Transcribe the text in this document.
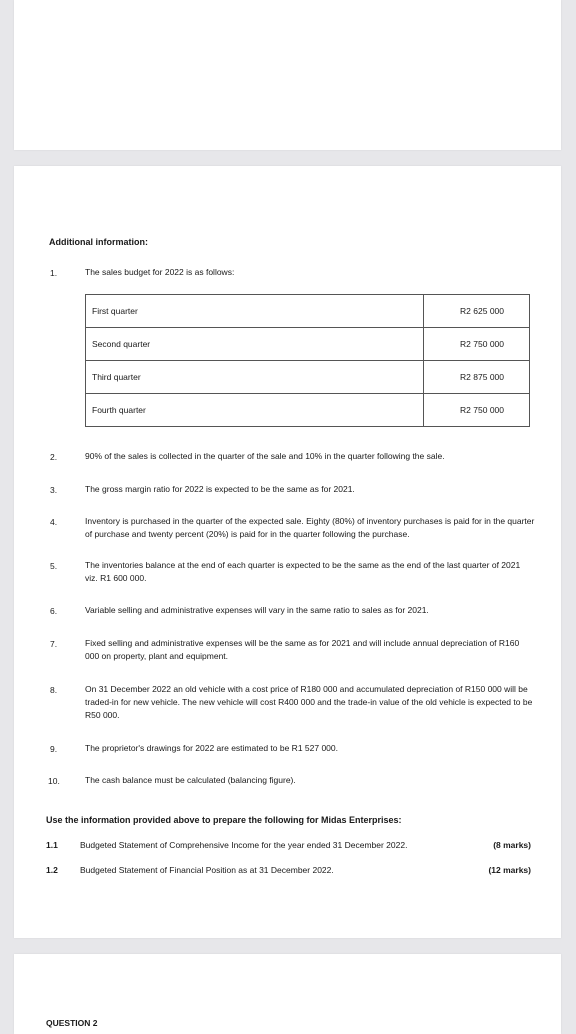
Additional information:
1.	The sales budget for 2022 is as follows:
First quarter	R2 625 000
Second quarter	R2 750 000
Third quarter	R2 875 000
Fourth quarter	R2 750 000
2.	90% of the sales is collected in the quarter of the sale and 10% in the quarter following the sale.
3.	The gross margin ratio for 2022 is expected to be the same as for 2021.
4.	Inventory is purchased in the quarter of the expected sale. Eighty (80%) of inventory purchases is paid for in the quarter of purchase and twenty percent (20%) is paid for in the quarter following the purchase.
5.	The inventories balance at the end of each quarter is expected to be the same as the end of the last quarter of 2021 viz. R1 600 000.
6.	Variable selling and administrative expenses will vary in the same ratio to sales as for 2021.
7.	Fixed selling and administrative expenses will be the same as for 2021 and will include annual depreciation of R160 000 on property, plant and equipment.
8.	On 31 December 2022 an old vehicle with a cost price of R180 000 and accumulated depreciation of R150 000 will be traded-in for new vehicle. The new vehicle will cost R400 000 and the trade-in value of the old vehicle is expected to be R50 000.
9.	The proprietor's drawings for 2022 are estimated to be R1 527 000.
10.	The cash balance must be calculated (balancing figure).
Use the information provided above to prepare the following for Midas Enterprises:
1.1	Budgeted Statement of Comprehensive Income for the year ended 31 December 2022.	(8 marks)
1.2	Budgeted Statement of Financial Position as at 31 December 2022.	(12 marks)
QUESTION 2
